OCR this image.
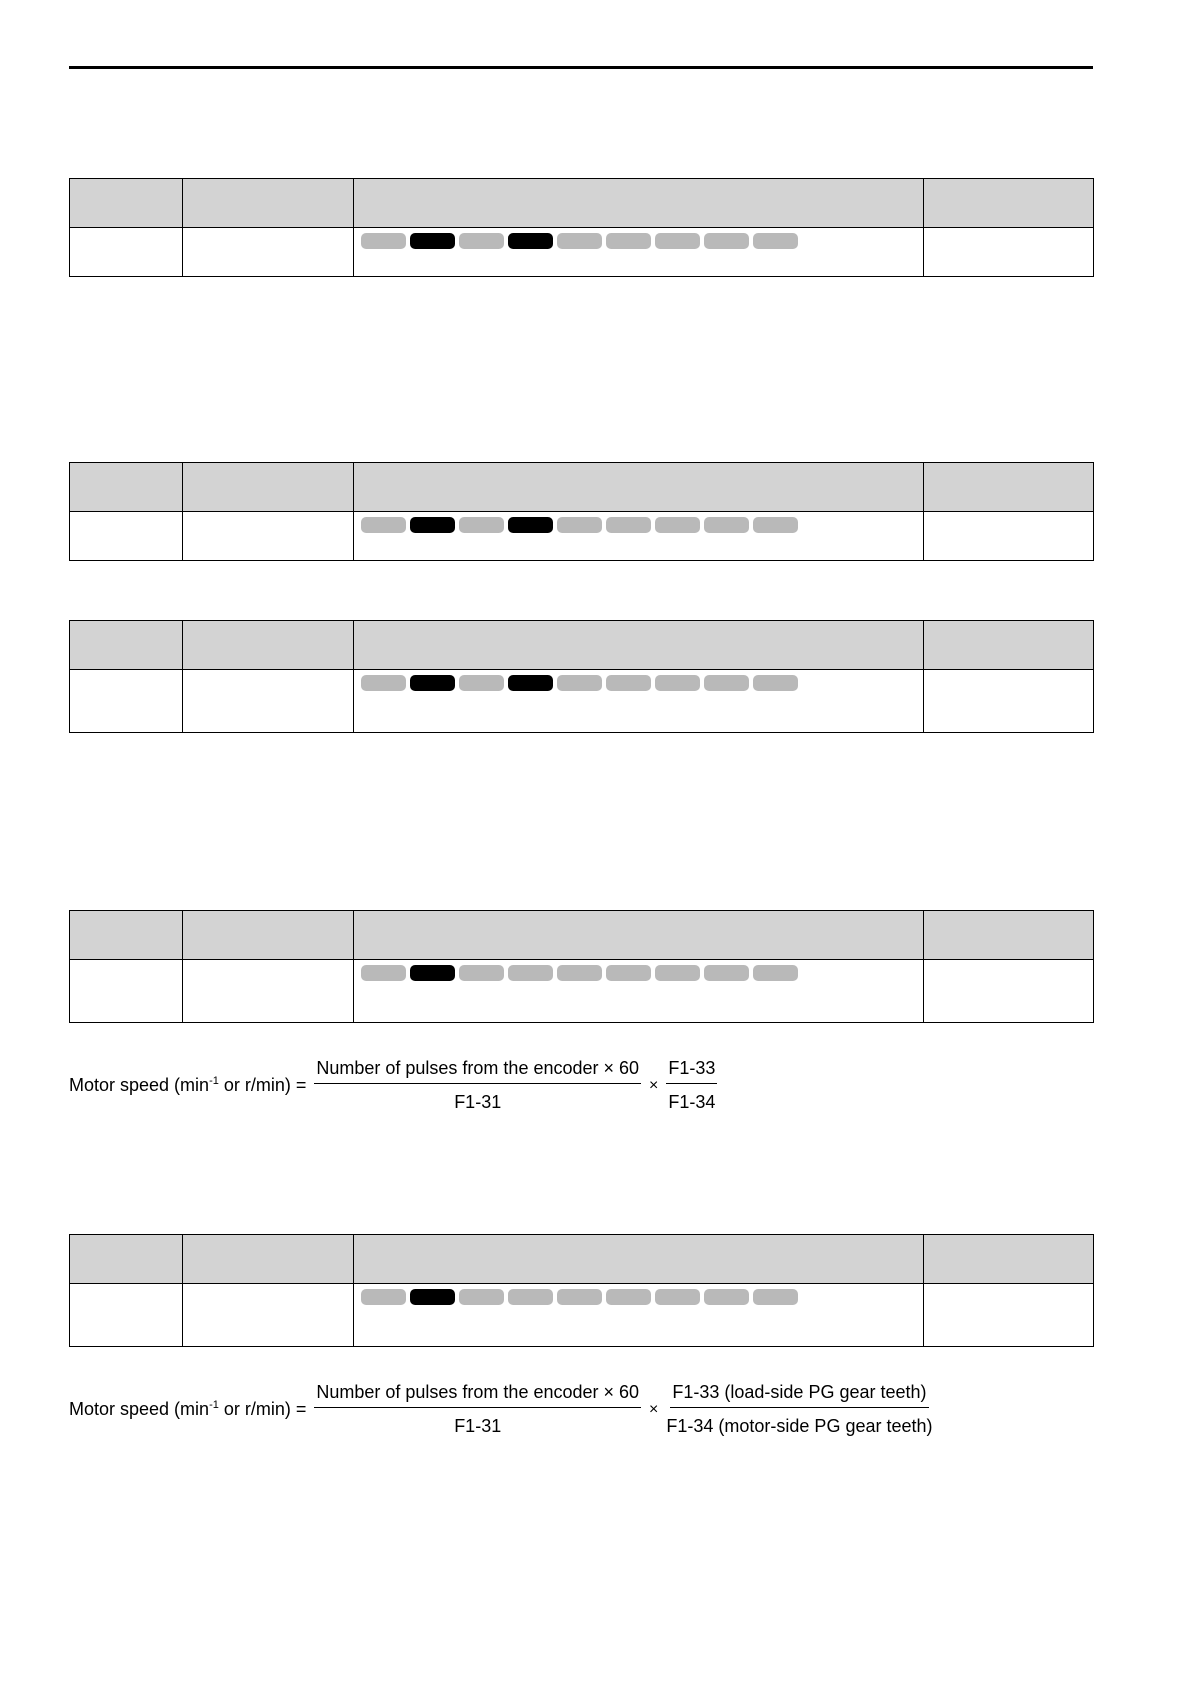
Motor speed ($\min^{-1}$ or $r/\min) = \frac{\text{Number of pulses from the encoder × 60}}{F1-31} \times \frac{F1-33}{F1-34}$

Motor speed ($\min^{-1}$ or $r/\min) = \frac{\text{Number of pulses from the encoder × 60}}{F1-31} \times \frac{\text{F1-33 (load-side PG gear teeth)}}{\text{F1-34 (motor-side PG gear teeth)}}$
